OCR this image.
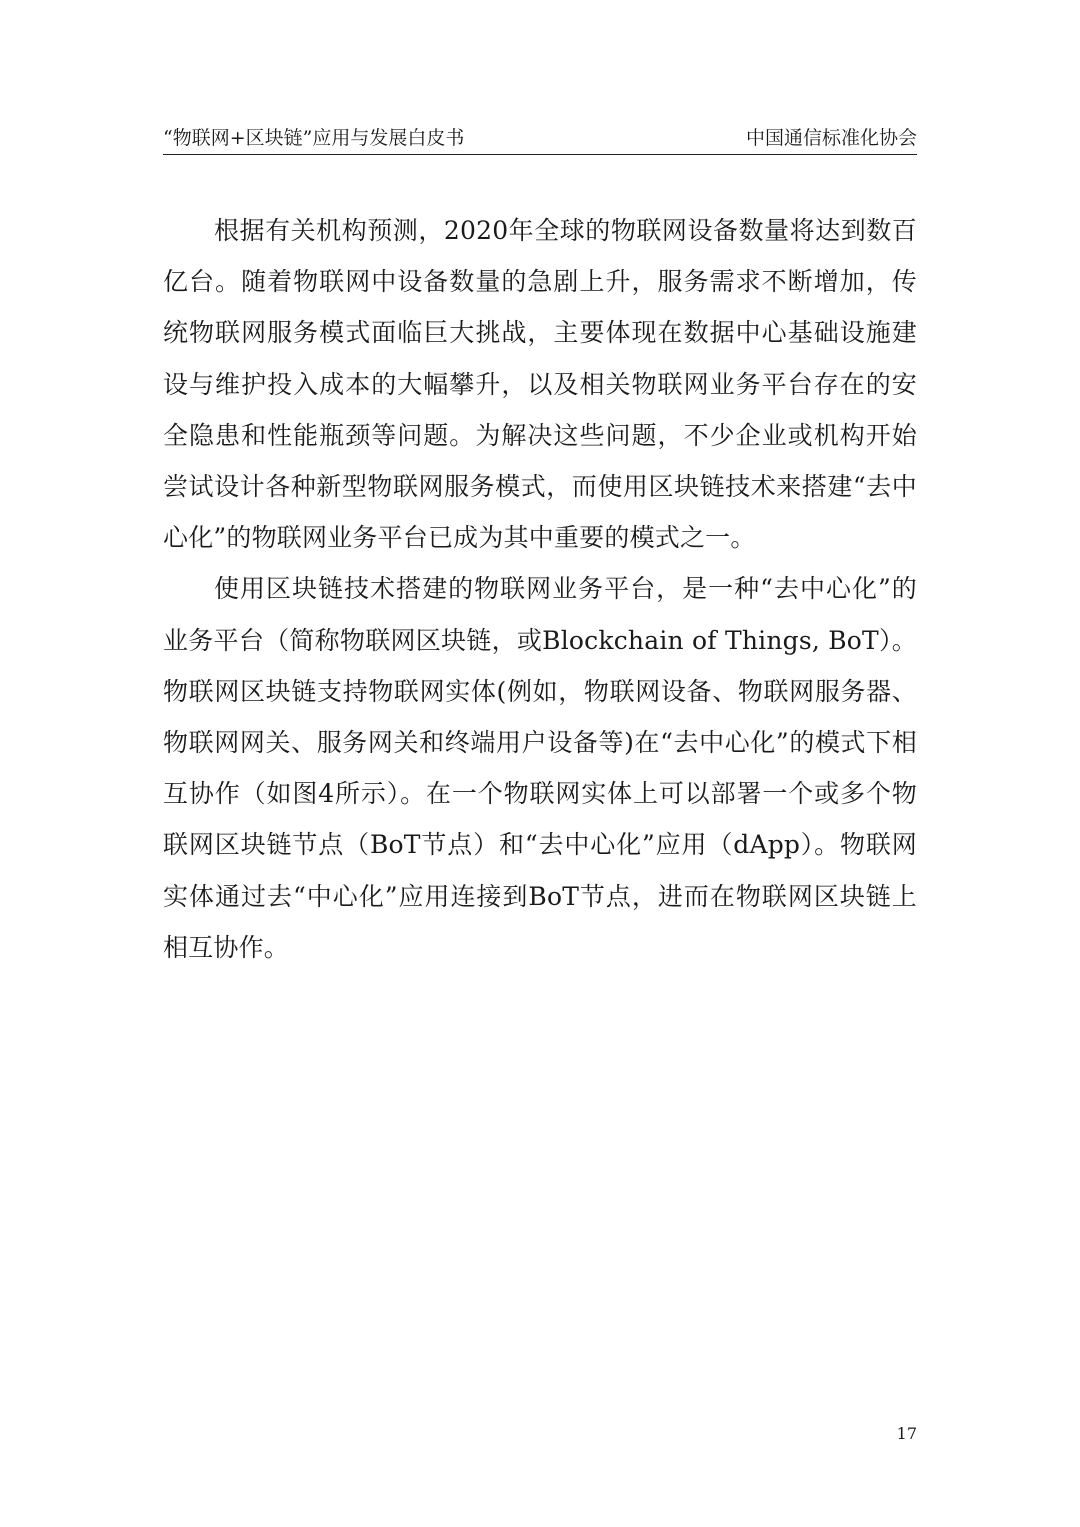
“物联网+区块链”应用与发展白皮书	中国通信标准化协会

根据有关机构预测，2020年全球的物联网设备数量将达到数百亿台。随着物联网中设备数量的急剧上升，服务需求不断增加，传统物联网服务模式面临巨大挑战，主要体现在数据中心基础设施建设与维护投入成本的大幅攀升，以及相关物联网业务平台存在的安全隐患和性能瓶颈等问题。为解决这些问题，不少企业或机构开始尝试设计各种新型物联网服务模式，而使用区块链技术来搭建“去中心化”的物联网业务平台已成为其中重要的模式之一。

使用区块链技术搭建的物联网业务平台，是一种“去中心化”的业务平台（简称物联网区块链，或Blockchain of Things, BoT）。物联网区块链支持物联网实体(例如，物联网设备、物联网服务器、物联网网关、服务网关和终端用户设备等)在“去中心化”的模式下相互协作（如图4所示）。在一个物联网实体上可以部署一个或多个物联网区块链节点（BoT节点）和“去中心化”应用（dApp）。物联网实体通过去“中心化”应用连接到BoT节点，进而在物联网区块链上相互协作。

17
